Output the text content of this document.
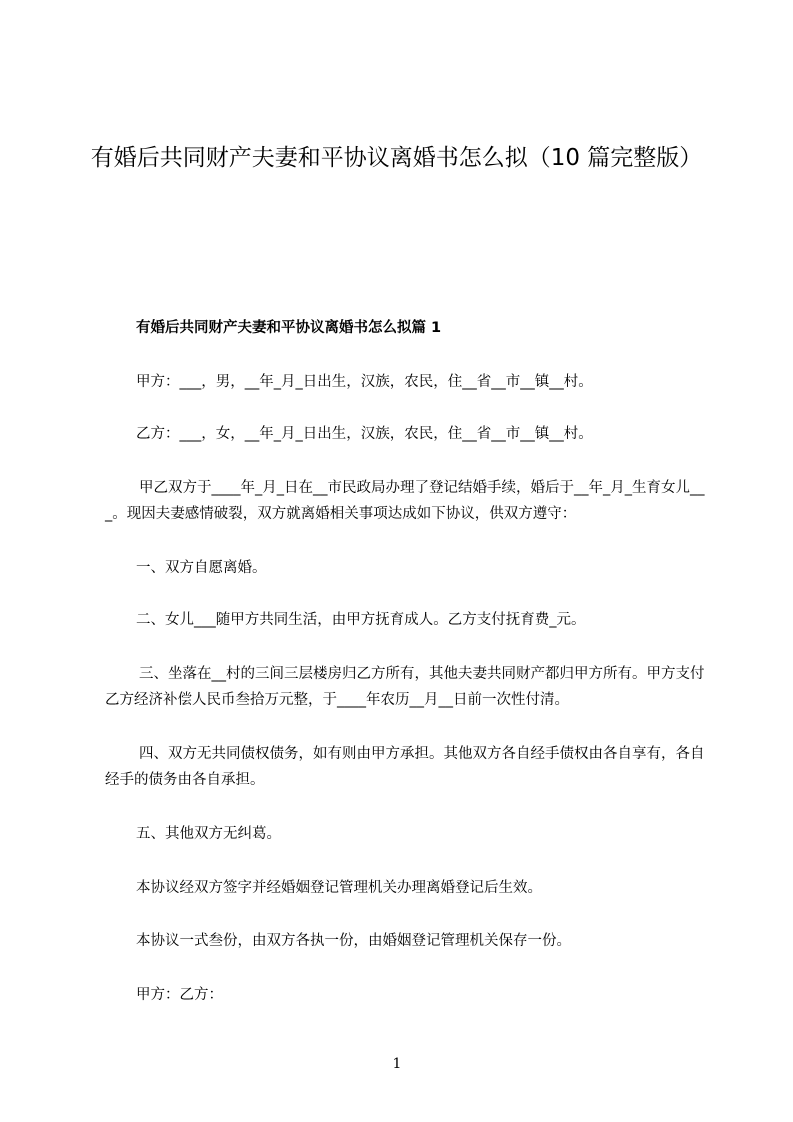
有婚后共同财产夫妻和平协议离婚书怎么拟（10 篇完整版）

有婚后共同财产夫妻和平协议离婚书怎么拟篇 1

甲方：___，男，__年_月_日出生，汉族，农民，住__省__市__镇__村。

乙方：___，女，__年_月_日出生，汉族，农民，住__省__市__镇__村。

甲乙双方于____年_月_日在__市民政局办理了登记结婚手续，婚后于__年_月_生育女儿___。现因夫妻感情破裂，双方就离婚相关事项达成如下协议，供双方遵守：

一、双方自愿离婚。

二、女儿___随甲方共同生活，由甲方抚育成人。乙方支付抚育费_元。

三、坐落在__村的三间三层楼房归乙方所有，其他夫妻共同财产都归甲方所有。甲方支付乙方经济补偿人民币叁拾万元整，于____年农历__月__日前一次性付清。

四、双方无共同债权债务，如有则由甲方承担。其他双方各自经手债权由各自享有，各自经手的债务由各自承担。

五、其他双方无纠葛。

本协议经双方签字并经婚姻登记管理机关办理离婚登记后生效。

本协议一式叁份，由双方各执一份，由婚姻登记管理机关保存一份。

甲方：乙方：

1
